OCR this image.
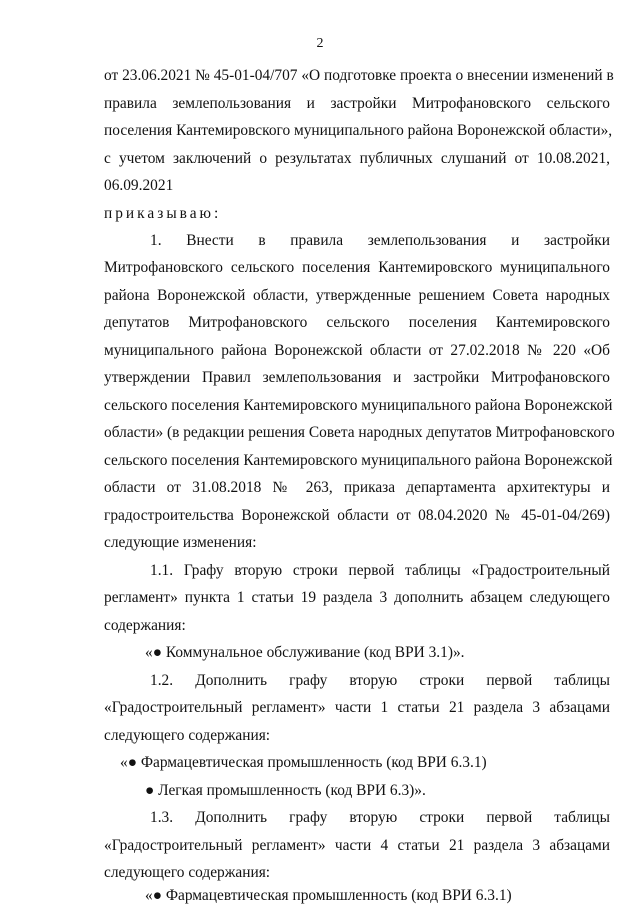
2
от 23.06.2021 № 45-01-04/707 «О подготовке проекта о внесении изменений в
правила землепользования и застройки Митрофановского сельского
поселения Кантемировского муниципального района Воронежской области»,
с учетом заключений о результатах публичных слушаний от 10.08.2021,
06.09.2021
приказываю:
1. Внести в правила землепользования и застройки
Митрофановского сельского поселения Кантемировского муниципального
района Воронежской области, утвержденные решением Совета народных
депутатов Митрофановского сельского поселения Кантемировского
муниципального района Воронежской области от 27.02.2018 № 220 «Об
утверждении Правил землепользования и застройки Митрофановского
сельского поселения Кантемировского муниципального района Воронежской
области» (в редакции решения Совета народных депутатов Митрофановского
сельского поселения Кантемировского муниципального района Воронежской
области от 31.08.2018 № 263, приказа департамента архитектуры и
градостроительства Воронежской области от 08.04.2020 № 45-01-04/269)
следующие изменения:
1.1. Графу вторую строки первой таблицы «Градостроительный
регламент» пункта 1 статьи 19 раздела 3 дополнить абзацем следующего
содержания:
«● Коммунальное обслуживание (код ВРИ 3.1)».
1.2. Дополнить графу вторую строки первой таблицы
«Градостроительный регламент» части 1 статьи 21 раздела 3 абзацами
следующего содержания:
«● Фармацевтическая промышленность (код ВРИ 6.3.1)
● Легкая промышленность (код ВРИ 6.3)».
1.3. Дополнить графу вторую строки первой таблицы
«Градостроительный регламент» части 4 статьи 21 раздела 3 абзацами
следующего содержания:
«● Фармацевтическая промышленность (код ВРИ 6.3.1)
